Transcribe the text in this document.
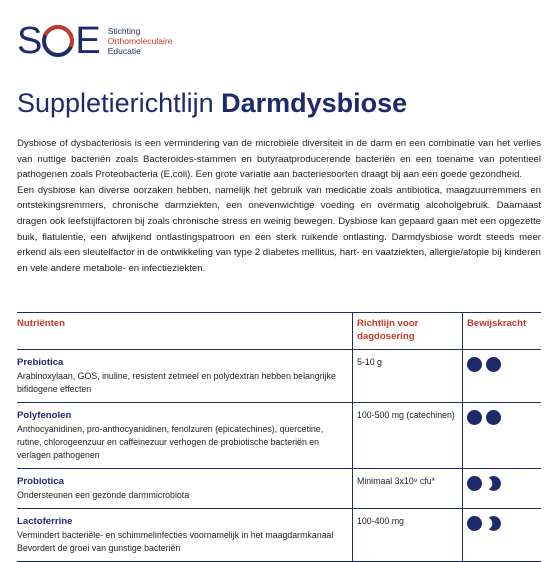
S E Stichting
Orthomoleculaire
Educatie
Suppletierichtlijn Darmdysbiose

Dysbiose of dysbacteriosis is een vermindering van de microbiële diversiteit in de darm en een combinatie van het verlies van nuttige bacteriën zoals Bacteroides-stammen en butyraatproducerende bacteriën en een toename van potentieel pathogenen zoals Proteobacteria (E.coli). Een grote variatie aan bacteriesoorten draagt bij aan een goede gezondheid.

Een dysbiose kan diverse oorzaken hebben, namelijk het gebruik van medicatie zoals antibiotica, maagzuurremmers en ontstekingsremmers, chronische darmziekten, een onevenwichtige voeding en overmatig alcoholgebruik. Daarnaast dragen ook leefstijlfactoren bij zoals chronische stress en weinig bewegen. Dysbiose kan gepaard gaan met een opgezette buik, flatulentie, een afwijkend ontlastingspatroon en een sterk ruikende ontlasting. Darmdysbiose wordt steeds meer erkend als een sleutelfactor in de ontwikkeling van type 2 diabetes mellitus, hart- en vaatziekten, allergie/atopie bij kinderen en vele andere metabole- en infectieziekten.

Nutriënten	Richtlijn voor dagdosering
Bewijskracht
Prebiotica
Arabinoxylaan, GOS, inuline, resistent zetmeel en polydextran hebben belangrijke bifidogene effecten
5-10 g
Polyfenolen
Anthocyanidinen, pro-anthocyanidinen, fenolzuren (epicatechines), quercetine, rutine, chlorogeenzuur en caffeinezuur verhogen de probiotische bacteriën en verlagen pathogenen
100-500 mg (catechinen)
Probiotica
Ondersteunen een gezonde darmmicrobiota
Minimaal 3x10⁹ cfu*
Lactoferrine
Vermindert bacteriële- en schimmelinfecties voornamelijk in het maagdarmkanaal
Bevordert de groei van gunstige bacteriën
100-400 mg
